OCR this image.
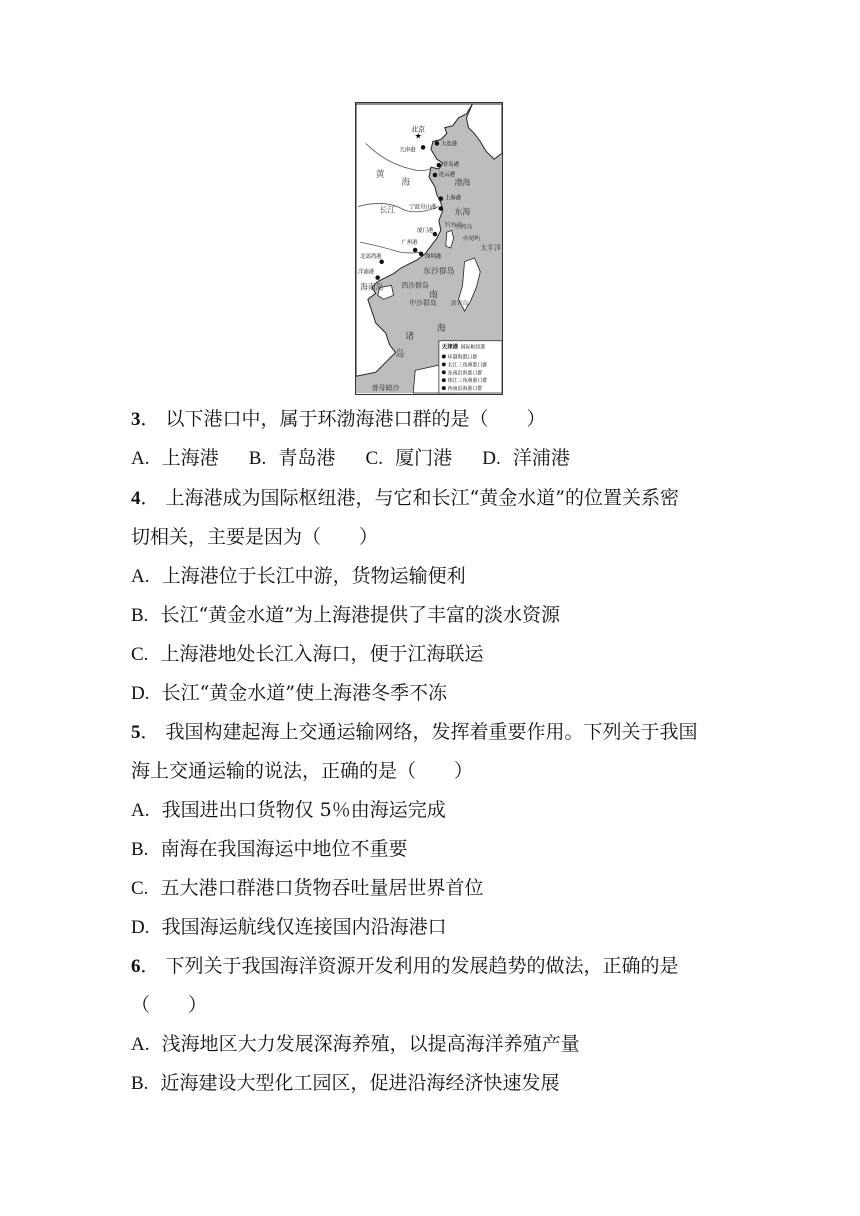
★
北京
天津港
大连港
青岛港
连云港
上海港
宁波舟山港
厦门港
广州港
深圳港
北部湾港
洋浦港
黄
海
长江
渤海
东海
台湾岛
钓鱼岛
赤尾屿
东沙群岛
海南岛	西沙群岛
中沙群岛 黄岩岛
南
海
诸
岛
曾母暗沙
太平洋
天津港 国际枢纽港
环渤海港口群
长江三角洲港口群
东南沿海港口群
珠江三角洲港口群
西南沿海港口群
3． 以下港口中，属于环渤海港口群的是（　　）
A. 上海港 B. 青岛港 C. 厦门港 D. 洋浦港
4． 上海港成为国际枢纽港，与它和长江“黄金水道”的位置关系密
切相关，主要是因为（　　）
A. 上海港位于长江中游，货物运输便利
B. 长江“黄金水道”为上海港提供了丰富的淡水资源
C. 上海港地处长江入海口，便于江海联运
D. 长江“黄金水道”使上海港冬季不冻
5． 我国构建起海上交通运输网络，发挥着重要作用。下列关于我国
海上交通运输的说法，正确的是（　　）
A. 我国进出口货物仅 5％由海运完成
B. 南海在我国海运中地位不重要
C. 五大港口群港口货物吞吐量居世界首位
D. 我国海运航线仅连接国内沿海港口
6． 下列关于我国海洋资源开发利用的发展趋势的做法，正确的是
（　　）
A. 浅海地区大力发展深海养殖，以提高海洋养殖产量
B. 近海建设大型化工园区，促进沿海经济快速发展
